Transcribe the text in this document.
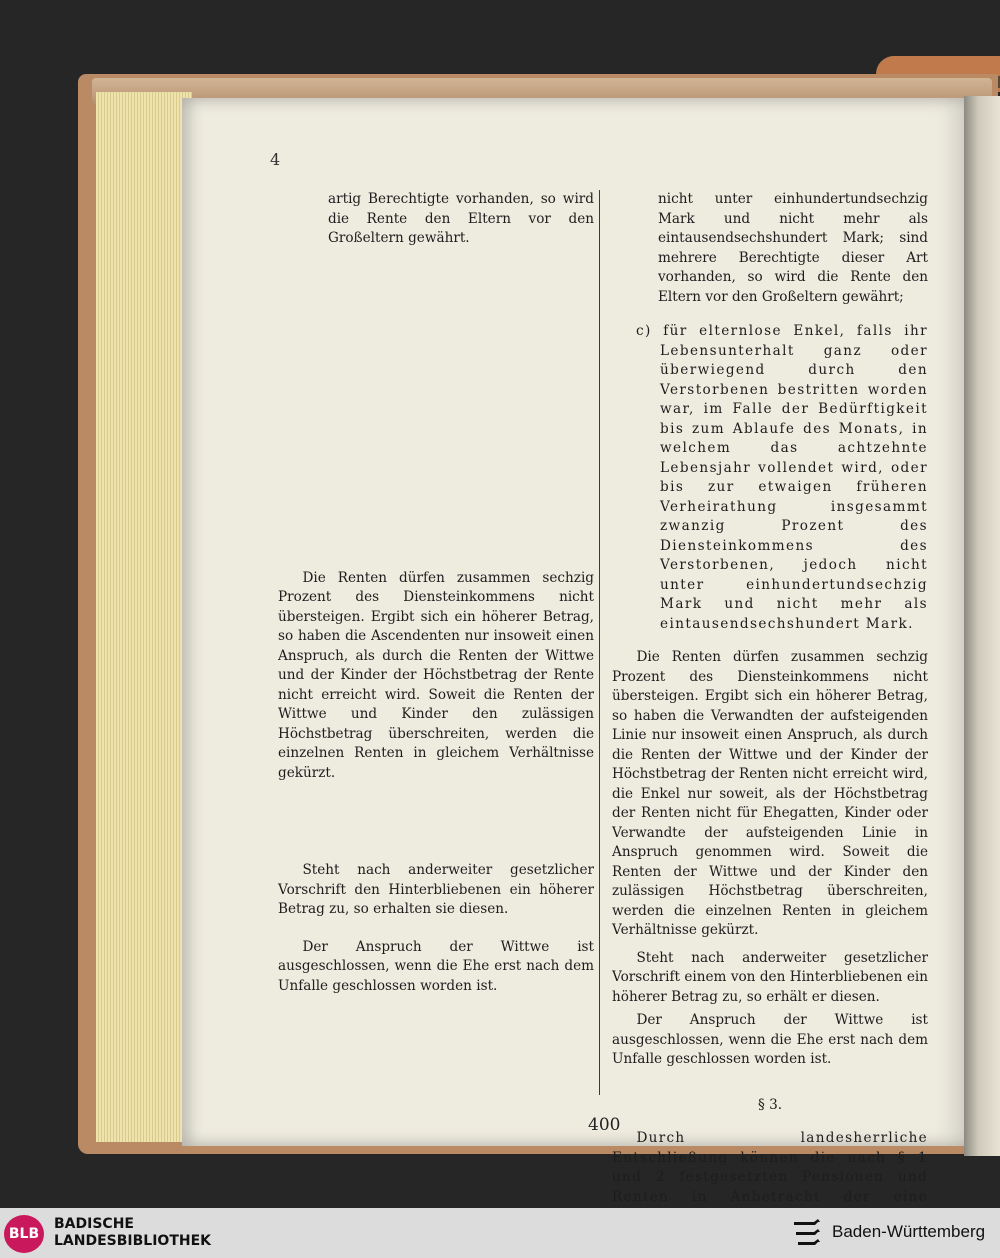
4

artig Berechtigte vorhanden, so wird die Rente den Eltern vor den Großeltern gewährt.

Die Renten dürfen zusammen sechzig Prozent des Diensteinkommens nicht übersteigen. Ergibt sich ein höherer Betrag, so haben die Ascendenten nur insoweit einen Anspruch, als durch die Renten der Wittwe und der Kinder der Höchstbetrag der Rente nicht erreicht wird. Soweit die Renten der Wittwe und Kinder den zulässigen Höchstbetrag überschreiten, werden die einzelnen Renten in gleichem Verhältnisse gekürzt.

Steht nach anderweiter gesetzlicher Vorschrift den Hinterbliebenen ein höherer Betrag zu, so erhalten sie diesen.

Der Anspruch der Wittwe ist ausgeschlossen, wenn die Ehe erst nach dem Unfalle geschlossen worden ist.

nicht unter einhundertundsechzig Mark und nicht mehr als eintausendsechshundert Mark; sind mehrere Berechtigte dieser Art vorhanden, so wird die Rente den Eltern vor den Großeltern gewährt;

c) für elternlose Enkel, falls ihr Lebensunterhalt ganz oder überwiegend durch den Verstorbenen bestritten worden war, im Falle der Bedürftigkeit bis zum Ablaufe des Monats, in welchem das achtzehnte Lebensjahr vollendet wird, oder bis zur etwaigen früheren Verheirathung insgesammt zwanzig Prozent des Diensteinkommens des Verstorbenen, jedoch nicht unter einhundertundsechzig Mark und nicht mehr als eintausendsechshundert Mark.

Die Renten dürfen zusammen sechzig Prozent des Diensteinkommens nicht übersteigen. Ergibt sich ein höherer Betrag, so haben die Verwandten der aufsteigenden Linie nur insoweit einen Anspruch, als durch die Renten der Wittwe und der Kinder der Höchstbetrag der Renten nicht erreicht wird, die Enkel nur soweit, als der Höchstbetrag der Renten nicht für Ehegatten, Kinder oder Verwandte der aufsteigenden Linie in Anspruch genommen wird. Soweit die Renten der Wittwe und der Kinder den zulässigen Höchstbetrag überschreiten, werden die einzelnen Renten in gleichem Verhältnisse gekürzt.

Steht nach anderweiter gesetzlicher Vorschrift einem von den Hinterbliebenen ein höherer Betrag zu, so erhält er diesen.

Der Anspruch der Wittwe ist ausgeschlossen, wenn die Ehe erst nach dem Unfalle geschlossen worden ist.

§ 3.

Durch landesherrliche Entschließung können die nach § 1 und 2 festgesetzten Pensionen und Renten in Anbetracht der eine

400
BLB
BADISCHE
LANDESBIBLIOTHEK	Baden-Württemberg
